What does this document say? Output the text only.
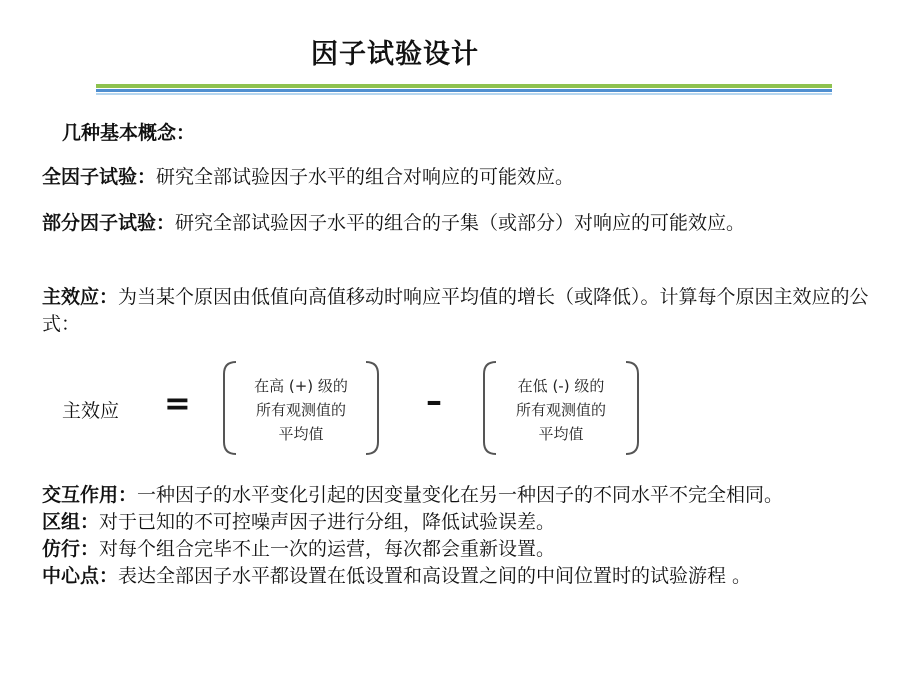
因子试验设计
几种基本概念：
全因子试验：研究全部试验因子水平的组合对响应的可能效应。
部分因子试验：研究全部试验因子水平的组合的子集（或部分）对响应的可能效应。
主效应：为当某个原因由低值向高值移动时响应平均值的增长（或降低）。计算每个原因主效应的公式：
主效应 =	在高 (+) 级的
所有观测值的
平均值
–	在低 (-) 级的
所有观测值的
平均值
交互作用：一种因子的水平变化引起的因变量变化在另一种因子的不同水平不完全相同。
区组：对于已知的不可控噪声因子进行分组，降低试验误差。
仿行：对每个组合完毕不止一次的运营，每次都会重新设置。
中心点：表达全部因子水平都设置在低设置和高设置之间的中间位置时的试验游程 。
